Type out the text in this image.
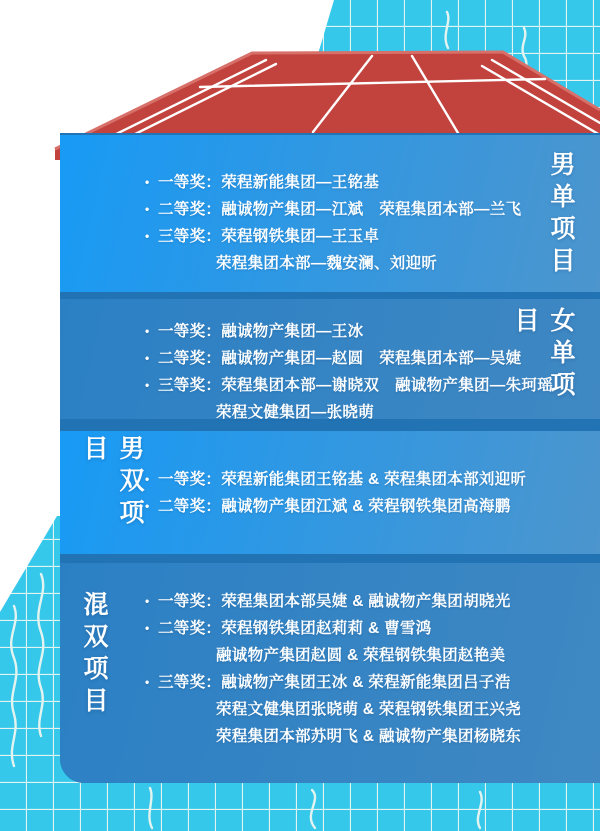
• 一等奖：荣程新能集团—王铭基
• 二等奖：融诚物产集团—江斌　荣程集团本部—兰飞
• 三等奖：荣程钢铁集团—王玉卓
荣程集团本部—魏安澜、刘迎昕	男单项目
• 一等奖：融诚物产集团—王冰
• 二等奖：融诚物产集团—赵圆　荣程集团本部—吴婕
• 三等奖：荣程集团本部—谢晓双　融诚物产集团—朱珂瑶
荣程文健集团—张晓萌
女单项目
• 一等奖：荣程新能集团王铭基 & 荣程集团本部刘迎昕
• 二等奖：融诚物产集团江斌 & 荣程钢铁集团高海鹏
男双项目
• 一等奖：荣程集团本部吴婕 & 融诚物产集团胡晓光
• 二等奖：荣程钢铁集团赵莉莉 & 曹雪鸿
融诚物产集团赵圆 & 荣程钢铁集团赵艳美
• 三等奖：融诚物产集团王冰 & 荣程新能集团吕子浩
荣程文健集团张晓萌 & 荣程钢铁集团王兴尧
荣程集团本部苏明飞 & 融诚物产集团杨晓东
混双项目
